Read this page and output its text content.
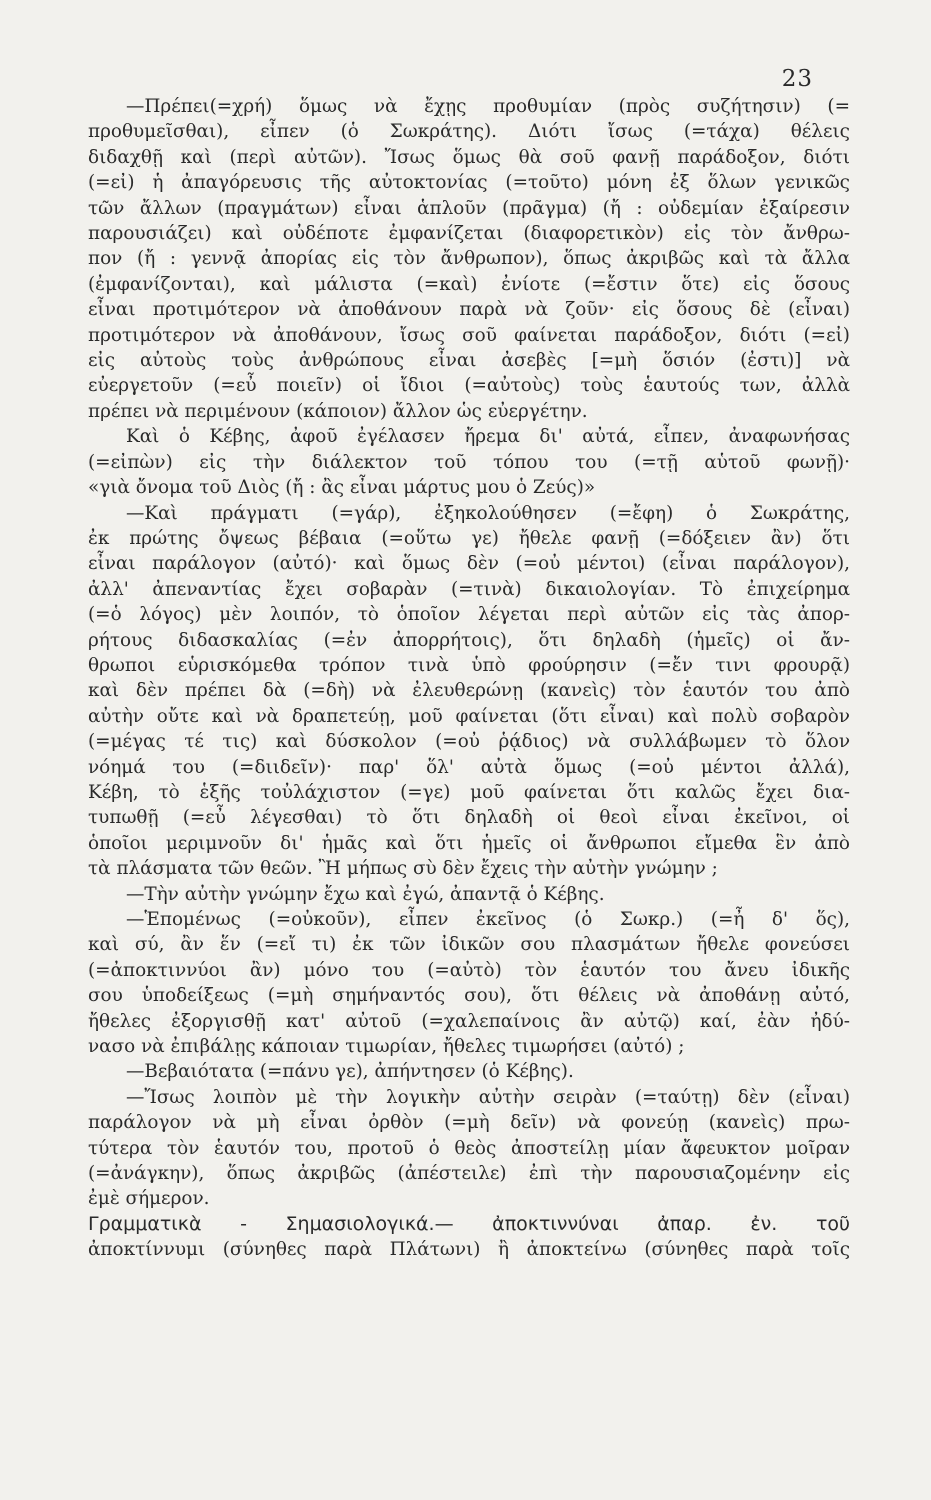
23
—Πρέπει(=χρή) ὅμως νὰ ἔχῃς προθυμίαν (πρὸς συζήτησιν) (=
προθυμεῖσθαι), εἶπεν (ὁ Σωκράτης). Διότι ἴσως (=τάχα) θέλεις
διδαχθῇ καὶ (περὶ αὐτῶν). Ἴσως ὅμως θὰ σοῦ φανῇ παράδοξον, διότι
(=εἰ) ἡ ἀπαγόρευσις τῆς αὐτοκτονίας (=τοῦτο) μόνη ἐξ ὅλων γενικῶς
τῶν ἄλλων (πραγμάτων) εἶναι ἁπλοῦν (πρᾶγμα) (ἤ : οὐδεμίαν ἐξαίρεσιν
παρουσιάζει) καὶ οὐδέποτε ἐμφανίζεται (διαφορετικὸν) εἰς τὸν ἄνθρω-
πον (ἤ : γεννᾷ ἀπορίας εἰς τὸν ἄνθρωπον), ὅπως ἀκριβῶς καὶ τὰ ἄλλα
(ἐμφανίζονται), καὶ μάλιστα (=καὶ) ἐνίοτε (=ἔστιν ὅτε) εἰς ὅσους
εἶναι προτιμότερον νὰ ἀποθάνουν παρὰ νὰ ζοῦν· εἰς ὅσους δὲ (εἶναι)
προτιμότερον νὰ ἀποθάνουν, ἴσως σοῦ φαίνεται παράδοξον, διότι (=εἰ)
εἰς αὐτοὺς τοὺς ἀνθρώπους εἶναι ἀσεβὲς [=μὴ ὅσιόν (ἐστι)] νὰ
εὐεργετοῦν (=εὖ ποιεῖν) οἱ ἴδιοι (=αὐτοὺς) τοὺς ἑαυτούς των, ἀλλὰ
πρέπει νὰ περιμένουν (κάποιον) ἄλλον ὡς εὐεργέτην.
Καὶ ὁ Κέβης, ἀφοῦ ἐγέλασεν ἤρεμα δι' αὐτά, εἶπεν, ἀναφωνήσας
(=εἰπὼν) εἰς τὴν διάλεκτον τοῦ τόπου του (=τῇ αὑτοῦ φωνῇ)·
«γιὰ ὄνομα τοῦ Διὸς (ἤ : ἂς εἶναι μάρτυς μου ὁ Ζεύς)»
—Καὶ πράγματι (=γάρ), ἐξηκολούθησεν (=ἔφη) ὁ Σωκράτης,
ἐκ πρώτης ὄψεως βέβαια (=οὕτω γε) ἤθελε φανῇ (=δόξειεν ἂν) ὅτι
εἶναι παράλογον (αὐτό)· καὶ ὅμως δὲν (=οὐ μέντοι) (εἶναι παράλογον),
ἀλλ' ἀπεναντίας ἔχει σοβαρὰν (=τινὰ) δικαιολογίαν. Τὸ ἐπιχείρημα
(=ὁ λόγος) μὲν λοιπόν, τὸ ὁποῖον λέγεται περὶ αὐτῶν εἰς τὰς ἀπορ-
ρήτους διδασκαλίας (=ἐν ἀπορρήτοις), ὅτι δηλαδὴ (ἡμεῖς) οἱ ἄν-
θρωποι εὑρισκόμεθα τρόπον τινὰ ὑπὸ φρούρησιν (=ἔν τινι φρουρᾷ)
καὶ δὲν πρέπει δὰ (=δὴ) νὰ ἐλευθερώνῃ (κανεὶς) τὸν ἑαυτόν του ἀπὸ
αὐτὴν οὔτε καὶ νὰ δραπετεύῃ, μοῦ φαίνεται (ὅτι εἶναι) καὶ πολὺ σοβαρὸν
(=μέγας τέ τις) καὶ δύσκολον (=οὐ ῥᾴδιος) νὰ συλλάβωμεν τὸ ὅλον
νόημά του (=διιδεῖν)· παρ' ὅλ' αὐτὰ ὅμως (=οὐ μέντοι ἀλλά),
Κέβη, τὸ ἑξῆς τοὐλάχιστον (=γε) μοῦ φαίνεται ὅτι καλῶς ἔχει δια-
τυπωθῇ (=εὖ λέγεσθαι) τὸ ὅτι δηλαδὴ οἱ θεοὶ εἶναι ἐκεῖνοι, οἱ
ὁποῖοι μεριμνοῦν δι' ἡμᾶς καὶ ὅτι ἡμεῖς οἱ ἄνθρωποι εἴμεθα ἓν ἀπὸ
τὰ πλάσματα τῶν θεῶν. Ἢ μήπως σὺ δὲν ἔχεις τὴν αὐτὴν γνώμην ;
—Τὴν αὐτὴν γνώμην ἔχω καὶ ἐγώ, ἀπαντᾷ ὁ Κέβης.
—Ἑπομένως (=οὐκοῦν), εἶπεν ἐκεῖνος (ὁ Σωκρ.) (=ἦ δ' ὅς),
καὶ σύ, ἂν ἕν (=εἴ τι) ἐκ τῶν ἰδικῶν σου πλασμάτων ἤθελε φονεύσει
(=ἀποκτιννύοι ἂν) μόνο του (=αὐτὸ) τὸν ἑαυτόν του ἄνευ ἰδικῆς
σου ὑποδείξεως (=μὴ σημήναντός σου), ὅτι θέλεις νὰ ἀποθάνῃ αὐτό,
ἤθελες ἐξοργισθῇ κατ' αὐτοῦ (=χαλεπαίνοις ἂν αὐτῷ) καί, ἐὰν ἠδύ-
νασο νὰ ἐπιβάλῃς κάποιαν τιμωρίαν, ἤθελες τιμωρήσει (αὐτό) ;
—Βεβαιότατα (=πάνυ γε), ἀπήντησεν (ὁ Κέβης).
—Ἴσως λοιπὸν μὲ τὴν λογικὴν αὐτὴν σειρὰν (=ταύτῃ) δὲν (εἶναι)
παράλογον νὰ μὴ εἶναι ὀρθὸν (=μὴ δεῖν) νὰ φονεύῃ (κανεὶς) πρω-
τύτερα τὸν ἑαυτόν του, προτοῦ ὁ θεὸς ἀποστείλῃ μίαν ἄφευκτον μοῖραν
(=ἀνάγκην), ὅπως ἀκριβῶς (ἀπέστειλε) ἐπὶ τὴν παρουσιαζομένην εἰς
ἐμὲ σήμερον.
Γραμματικὰ - Σημασιολογικά.— ἀποκτιννύναι ἀπαρ. ἐν. τοῦ
ἀποκτίννυμι (σύνηθες παρὰ Πλάτωνι) ἢ ἀποκτείνω (σύνηθες παρὰ τοῖς
